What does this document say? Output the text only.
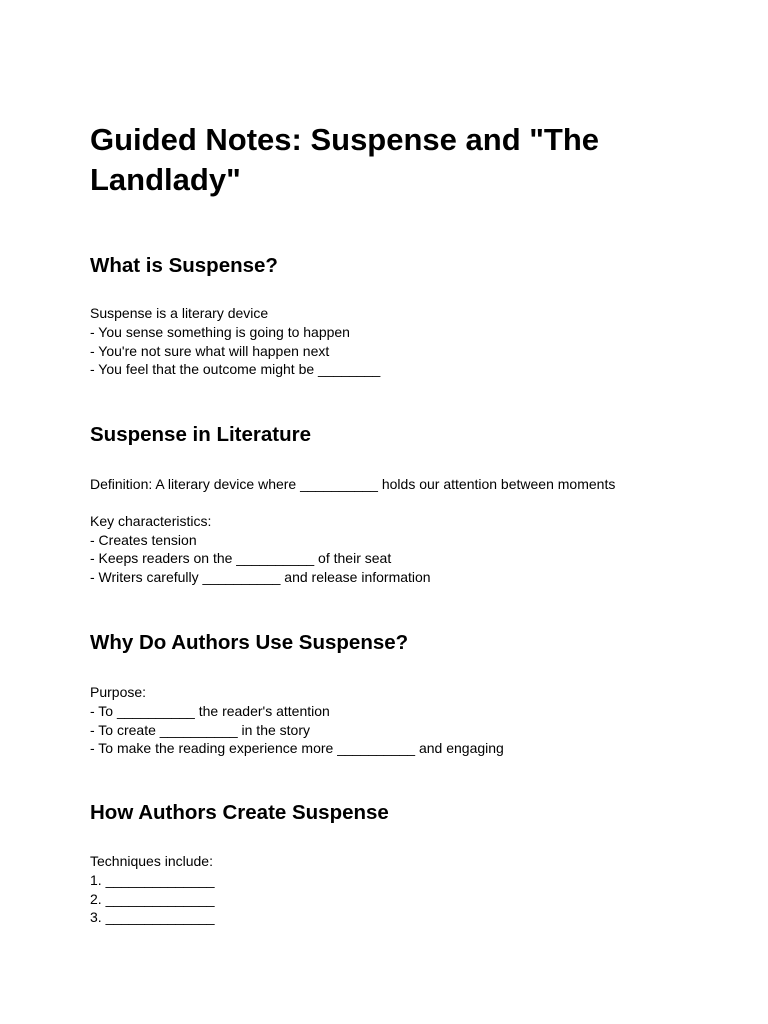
Guided Notes: Suspense and "The Landlady"
What is Suspense?
Suspense is a literary device
- You sense something is going to happen
- You're not sure what will happen next
- You feel that the outcome might be ________
Suspense in Literature
Definition: A literary device where __________ holds our attention between moments
Key characteristics:
- Creates tension
- Keeps readers on the __________ of their seat
- Writers carefully __________ and release information
Why Do Authors Use Suspense?
Purpose:
- To __________ the reader's attention
- To create __________ in the story
- To make the reading experience more __________ and engaging
How Authors Create Suspense
Techniques include:
1. ______________
2. ______________
3. ______________
